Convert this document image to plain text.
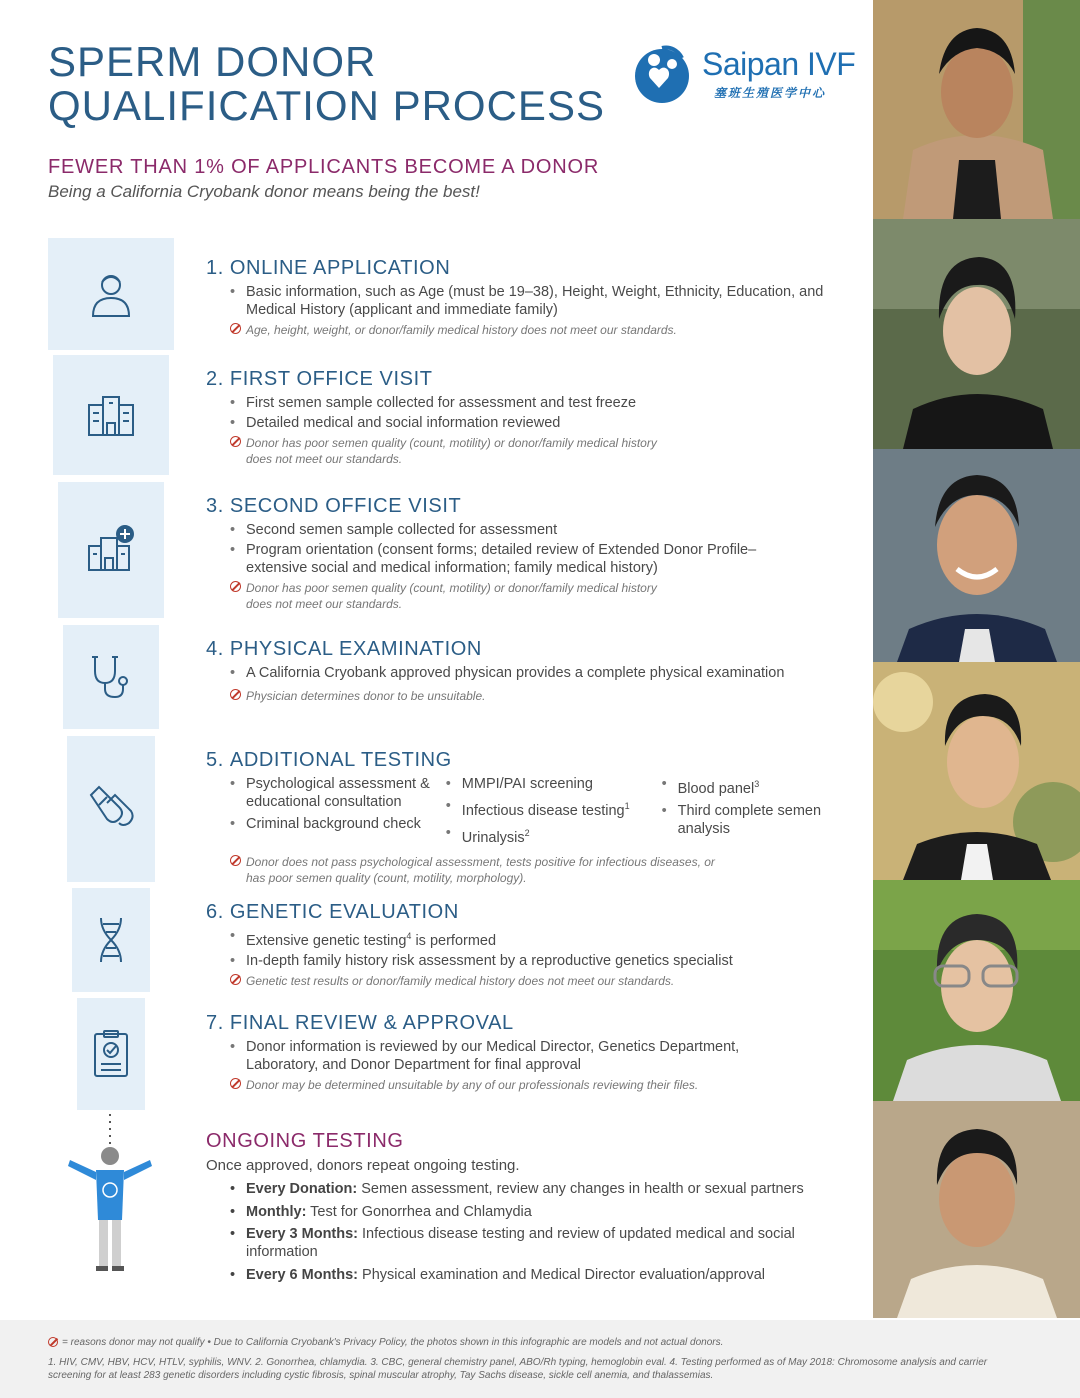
SPERM DONOR
QUALIFICATION PROCESS
FEWER THAN 1% OF APPLICANTS BECOME A DONOR
Being a California Cryobank donor means being the best!
Saipan IVF
塞班生殖医学中心
1. ONLINE APPLICATION
• Basic information, such as Age (must be 19–38), Height, Weight, Ethnicity, Education, and Medical History (applicant and immediate family)
Age, height, weight, or donor/family medical history does not meet our standards.
2. FIRST OFFICE VISIT
• First semen sample collected for assessment and test freeze
• Detailed medical and social information reviewed
Donor has poor semen quality (count, motility) or donor/family medical history does not meet our standards.
3. SECOND OFFICE VISIT
• Second semen sample collected for assessment
• Program orientation (consent forms; detailed review of Extended Donor Profile– extensive social and medical information; family medical history)
Donor has poor semen quality (count, motility) or donor/family medical history does not meet our standards.
4. PHYSICAL EXAMINATION
• A California Cryobank approved physican provides a complete physical examination
Physician determines donor to be unsuitable.
5. ADDITIONAL TESTING
• Psychological assessment & educational consultation
• Criminal background check
• MMPI/PAI screening
• Infectious disease testing$^1$
• Urinalysis$^2$
• Blood panel$^3$
• Third complete semen analysis
Donor does not pass psychological assessment, tests positive for infectious diseases, or has poor semen quality (count, motility, morphology).
6. GENETIC EVALUATION
• Extensive genetic testing$^4$ is performed
• In-depth family history risk assessment by a reproductive genetics specialist
Genetic test results or donor/family medical history does not meet our standards.
7. FINAL REVIEW & APPROVAL
• Donor information is reviewed by our Medical Director, Genetics Department, Laboratory, and Donor Department for final approval
Donor may be determined unsuitable by any of our professionals reviewing their files.
ONGOING TESTING
Once approved, donors repeat ongoing testing.
• Every Donation: Semen assessment, review any changes in health or sexual partners
• Monthly: Test for Gonorrhea and Chlamydia
• Every 3 Months: Infectious disease testing and review of updated medical and social information
• Every 6 Months: Physical examination and Medical Director evaluation/approval
= reasons donor may not qualify • Due to California Cryobank's Privacy Policy, the photos shown in this infographic are models and not actual donors.
1. HIV, CMV, HBV, HCV, HTLV, syphilis, WNV. 2. Gonorrhea, chlamydia. 3. CBC, general chemistry panel, ABO/Rh typing, hemoglobin eval. 4. Testing performed as of May 2018: Chromosome analysis and carrier screening for at least 283 genetic disorders including cystic fibrosis, spinal muscular atrophy, Tay Sachs disease, sickle cell anemia, and thalassemias.
